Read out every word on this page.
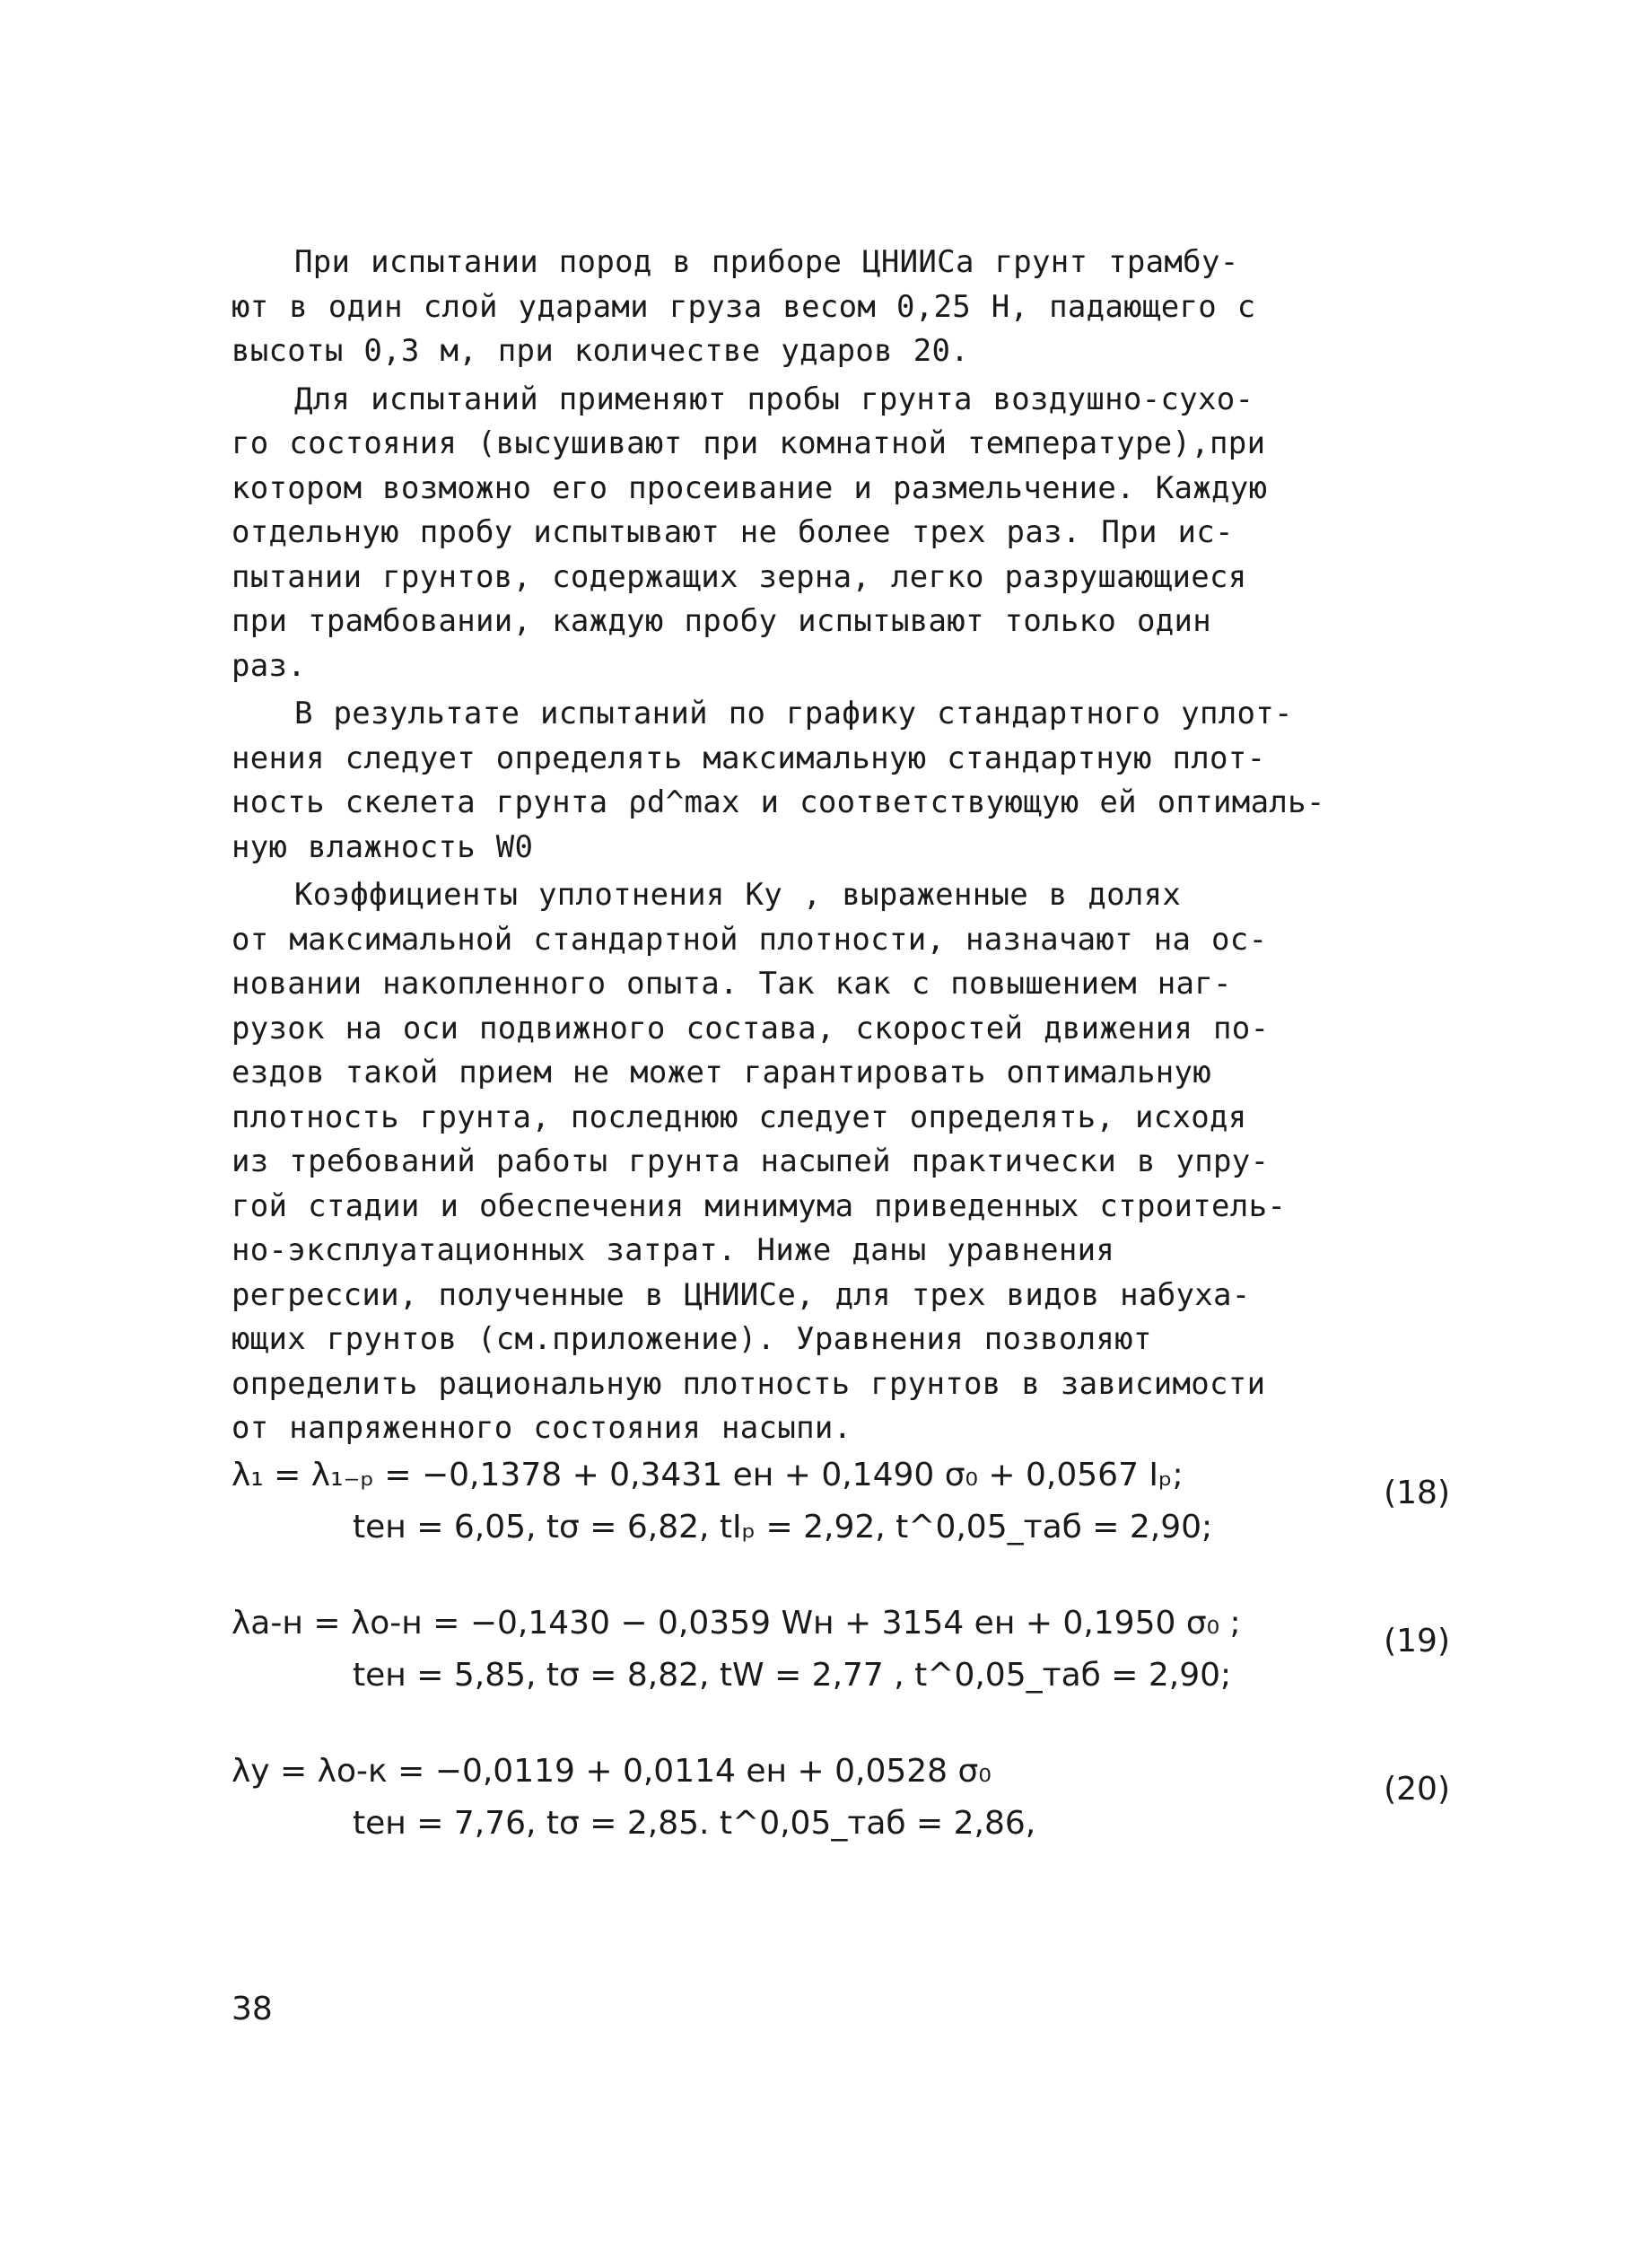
При испытании пород в приборе ЦНИИСа грунт трамбу-

ют в один слой ударами груза весом 0,25 Н, падающего с

высоты 0,3 м, при количестве ударов 20.

Для испытаний применяют пробы грунта воздушно-сухо-

го состояния (высушивают при комнатной температуре),при

котором возможно его просеивание и размельчение. Каждую

отдельную пробу испытывают не более трех раз. При ис-

пытании грунтов, содержащих зерна, легко разрушающиеся

при трамбовании, каждую пробу испытывают только один

раз.

В результате испытаний по графику стандартного уплот-

нения следует определять максимальную стандартную плот-

ность скелета грунта ρd^max и соответствующую ей оптималь-

ную влажность W0

Коэффициенты уплотнения Кy , выраженные в долях

от максимальной стандартной плотности, назначают на ос-

новании накопленного опыта. Так как с повышением наг-

рузок на оси подвижного состава, скоростей движения по-

ездов такой прием не может гарантировать оптимальную

плотность грунта, последнюю следует определять, исходя

из требований работы грунта насыпей практически в упру-

гой стадии и обеспечения минимума приведенных строитель-

но-эксплуатационных затрат. Ниже даны уравнения

регрессии, полученные в ЦНИИСе, для трех видов набуха-

ющих грунтов (см.приложение). Уравнения позволяют

определить рациональную плотность грунтов в зависимости

от напряженного состояния насыпи.

λ₁ = λ₁₋ₚ = −0,1378 + 0,3431 eн + 0,1490 σ₀ + 0,0567 Iₚ;
teн = 6,05, tσ = 6,82, tIₚ = 2,92, t^0,05_таб = 2,90;
(18)
λа-н = λо-н = −0,1430 − 0,0359 Wн + 3154 eн + 0,1950 σ₀ ;
teн = 5,85, tσ = 8,82, tW = 2,77 , t^0,05_таб = 2,90;
(19)
λy = λо-к = −0,0119 + 0,0114 eн + 0,0528 σ₀
teн = 7,76, tσ = 2,85. t^0,05_таб = 2,86,
(20)
38
